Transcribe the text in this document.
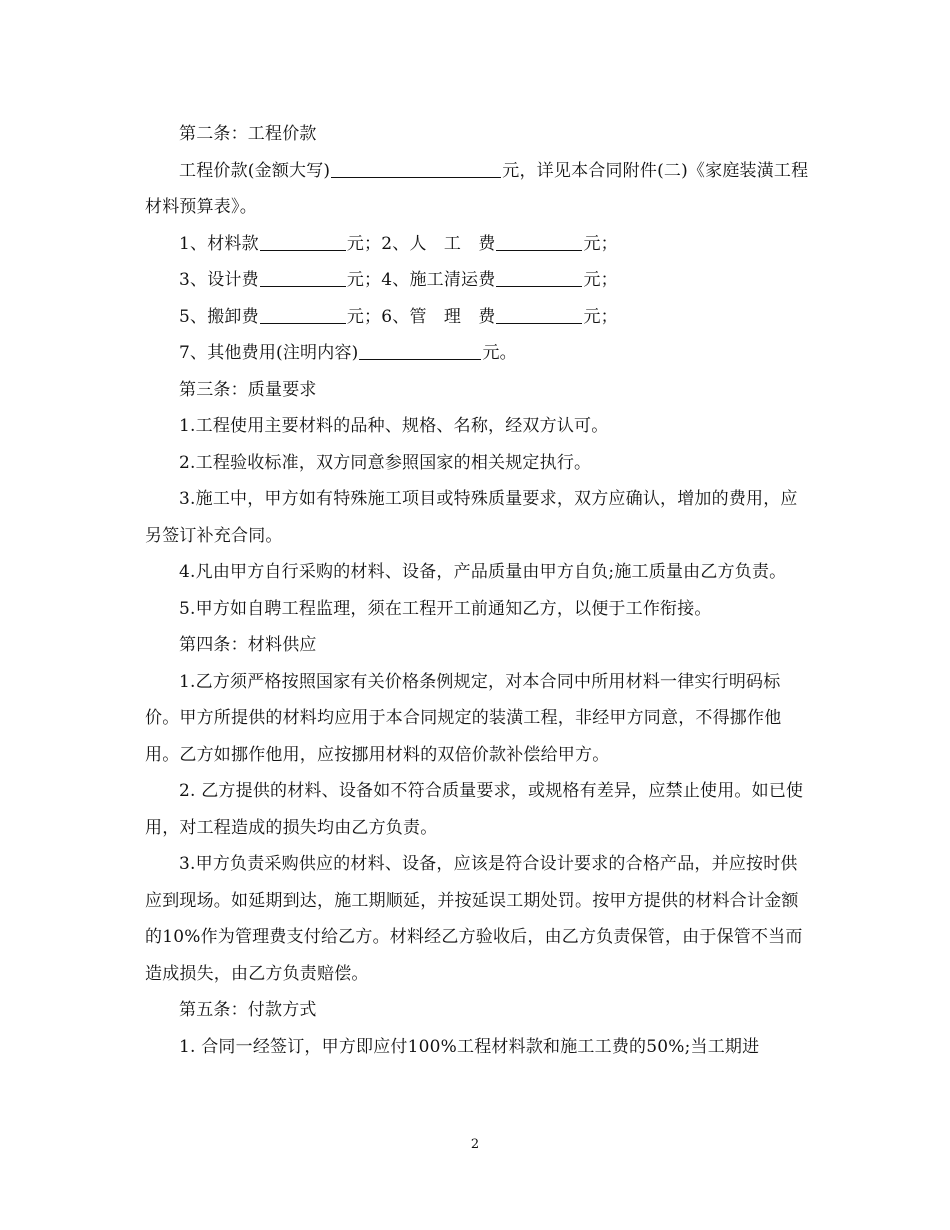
第二条：工程价款

工程价款(金额大写)	元，详见本合同附件(二)《家庭装潢工程材料预算表》。

1、材料款	元；2、人　工　费	元；

3、设计费	元；4、施工清运费	元；

5、搬卸费	元；6、管　理　费	元；

7、其他费用(注明内容)	元。

第三条：质量要求

1.工程使用主要材料的品种、规格、名称，经双方认可。

2.工程验收标准，双方同意参照国家的相关规定执行。

3.施工中，甲方如有特殊施工项目或特殊质量要求，双方应确认，增加的费用，应另签订补充合同。

4.凡由甲方自行采购的材料、设备，产品质量由甲方自负;施工质量由乙方负责。

5.甲方如自聘工程监理，须在工程开工前通知乙方，以便于工作衔接。

第四条：材料供应

1.乙方须严格按照国家有关价格条例规定，对本合同中所用材料一律实行明码标价。甲方所提供的材料均应用于本合同规定的装潢工程，非经甲方同意，不得挪作他用。乙方如挪作他用，应按挪用材料的双倍价款补偿给甲方。

2. 乙方提供的材料、设备如不符合质量要求，或规格有差异，应禁止使用。如已使用，对工程造成的损失均由乙方负责。

3.甲方负责采购供应的材料、设备，应该是符合设计要求的合格产品，并应按时供应到现场。如延期到达，施工期顺延，并按延误工期处罚。按甲方提供的材料合计金额的10%作为管理费支付给乙方。材料经乙方验收后，由乙方负责保管，由于保管不当而造成损失，由乙方负责赔偿。

第五条：付款方式

1. 合同一经签订，甲方即应付100%工程材料款和施工工费的50%;当工期进

2
